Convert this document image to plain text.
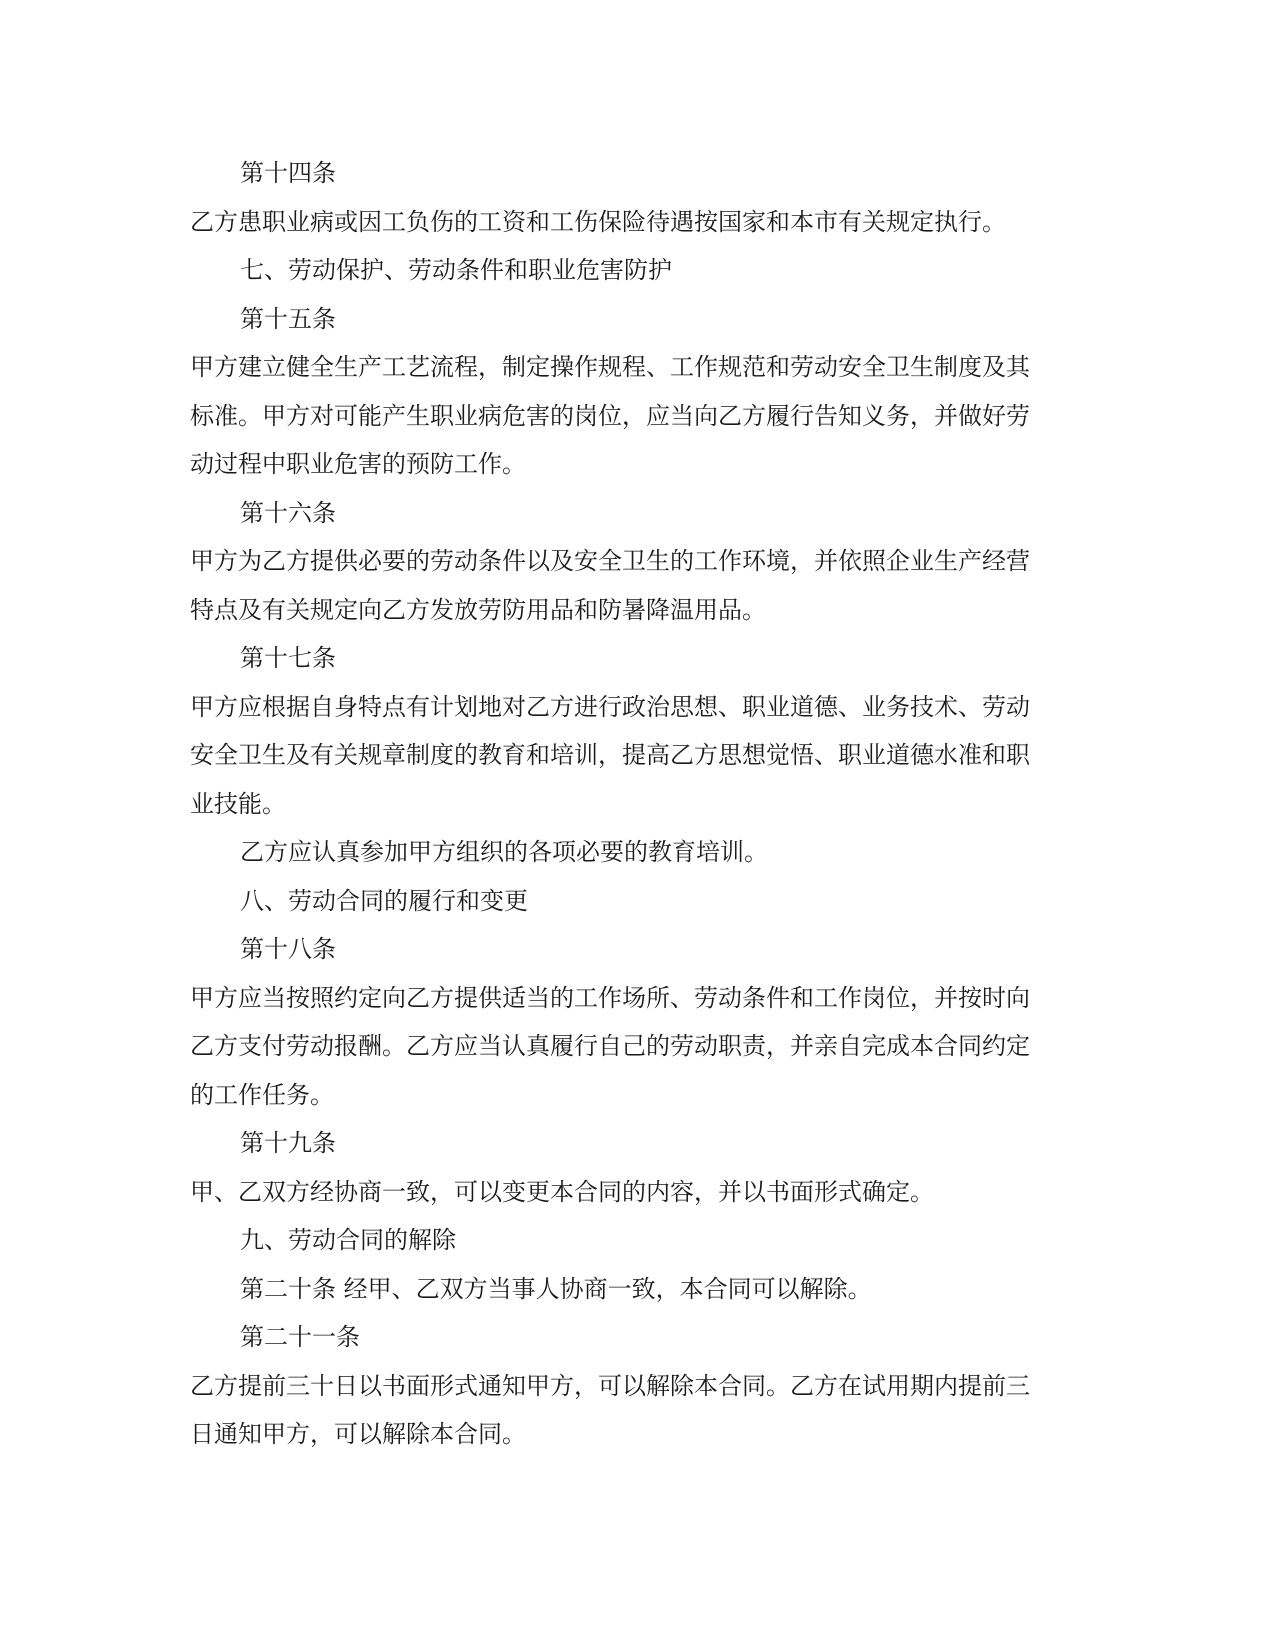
第十四条
乙方患职业病或因工负伤的工资和工伤保险待遇按国家和本市有关规定执行。
七、劳动保护、劳动条件和职业危害防护
第十五条
甲方建立健全生产工艺流程，制定操作规程、工作规范和劳动安全卫生制度及其
标准。甲方对可能产生职业病危害的岗位，应当向乙方履行告知义务，并做好劳
动过程中职业危害的预防工作。
第十六条
甲方为乙方提供必要的劳动条件以及安全卫生的工作环境，并依照企业生产经营
特点及有关规定向乙方发放劳防用品和防暑降温用品。
第十七条
甲方应根据自身特点有计划地对乙方进行政治思想、职业道德、业务技术、劳动
安全卫生及有关规章制度的教育和培训，提高乙方思想觉悟、职业道德水准和职
业技能。
乙方应认真参加甲方组织的各项必要的教育培训。
八、劳动合同的履行和变更
第十八条
甲方应当按照约定向乙方提供适当的工作场所、劳动条件和工作岗位，并按时向
乙方支付劳动报酬。乙方应当认真履行自己的劳动职责，并亲自完成本合同约定
的工作任务。
第十九条
甲、乙双方经协商一致，可以变更本合同的内容，并以书面形式确定。
九、劳动合同的解除
第二十条 经甲、乙双方当事人协商一致，本合同可以解除。
第二十一条
乙方提前三十日以书面形式通知甲方，可以解除本合同。乙方在试用期内提前三
日通知甲方，可以解除本合同。
